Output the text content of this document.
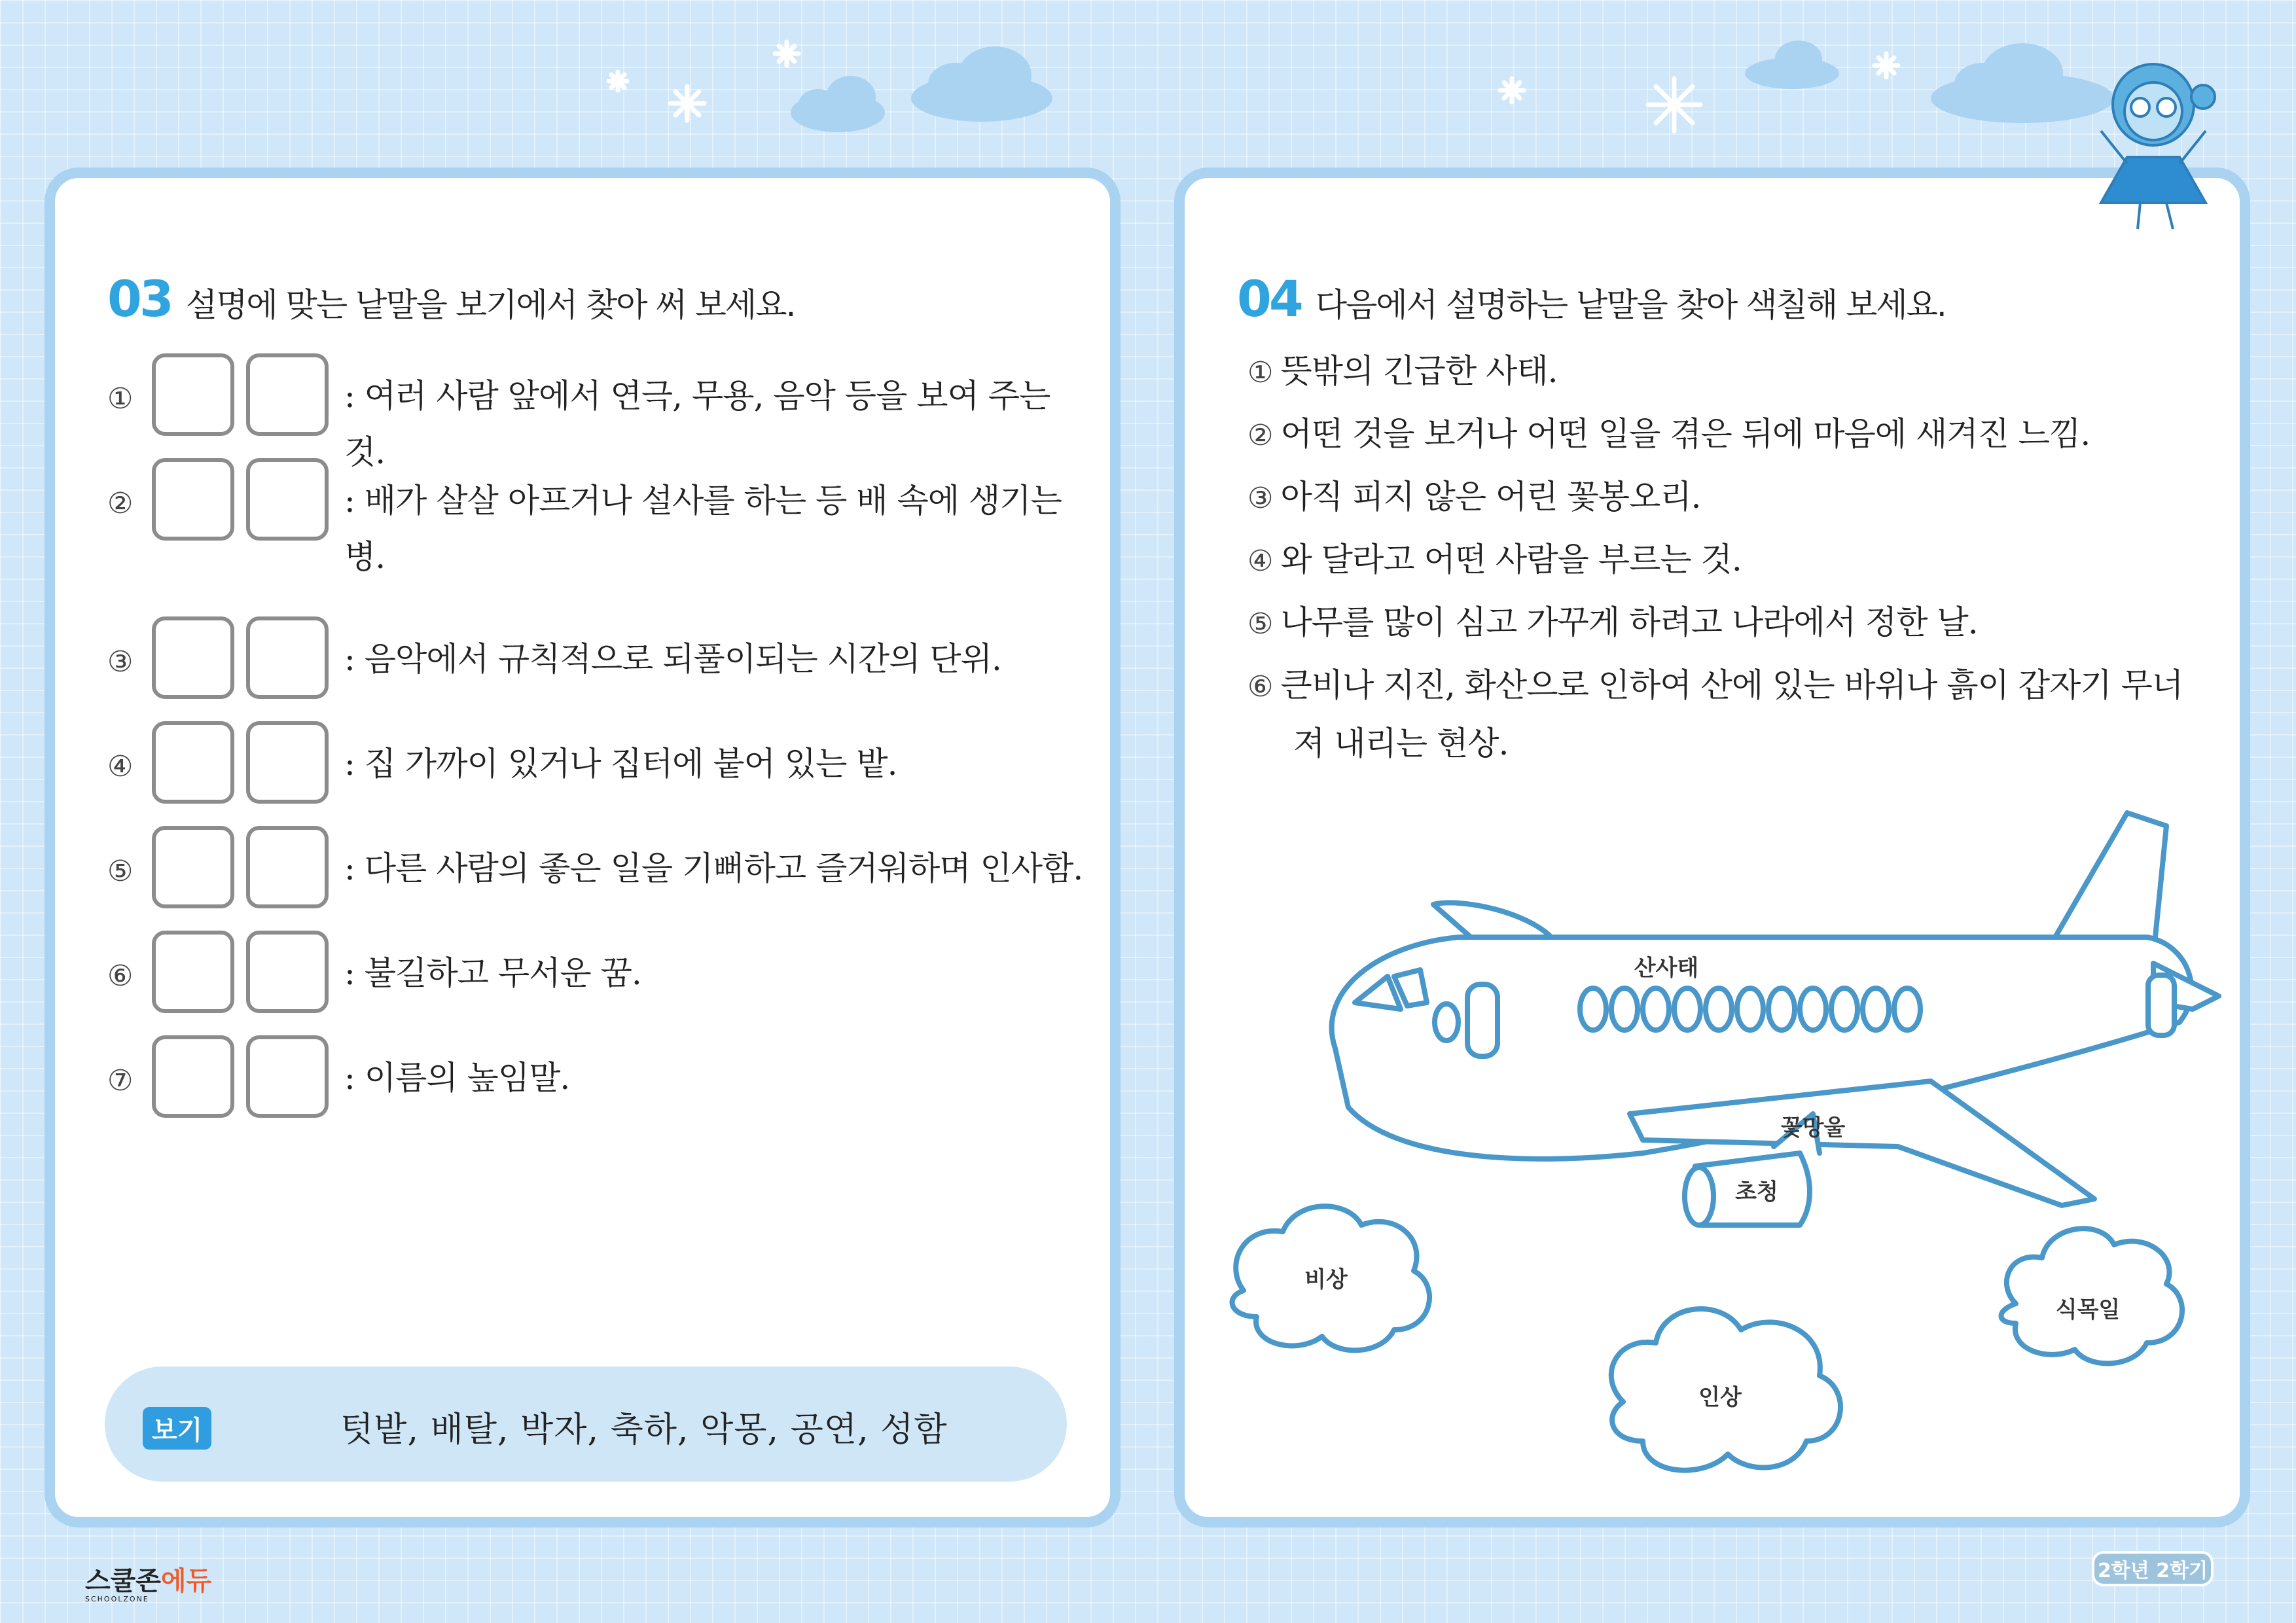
03 설명에 맞는 낱말을 보기에서 찾아 써 보세요.
①	: 여러 사람 앞에서 연극, 무용, 음악 등을 보여 주는 것.
②	: 배가 살살 아프거나 설사를 하는 등 배 속에 생기는 병.
③	: 음악에서 규칙적으로 되풀이되는 시간의 단위.
④	: 집 가까이 있거나 집터에 붙어 있는 밭.
⑤	: 다른 사람의 좋은 일을 기뻐하고 즐거워하며 인사함.
⑥	: 불길하고 무서운 꿈.
⑦	: 이름의 높임말.
보기	텃밭, 배탈, 박자, 축하, 악몽, 공연, 성함
04 다음에서 설명하는 낱말을 찾아 색칠해 보세요.
① 뜻밖의 긴급한 사태.
② 어떤 것을 보거나 어떤 일을 겪은 뒤에 마음에 새겨진 느낌.
③ 아직 피지 않은 어린 꽃봉오리.
④ 와 달라고 어떤 사람을 부르는 것.
⑤ 나무를 많이 심고 가꾸게 하려고 나라에서 정한 날.
⑥ 큰비나 지진, 화산으로 인하여 산에 있는 바위나 흙이 갑자기 무너
져 내리는 현상.
산사태
꽃망울
초청
비상
식목일
인상
스쿨존에듀
SCHOOLZONE
2학년 2학기
